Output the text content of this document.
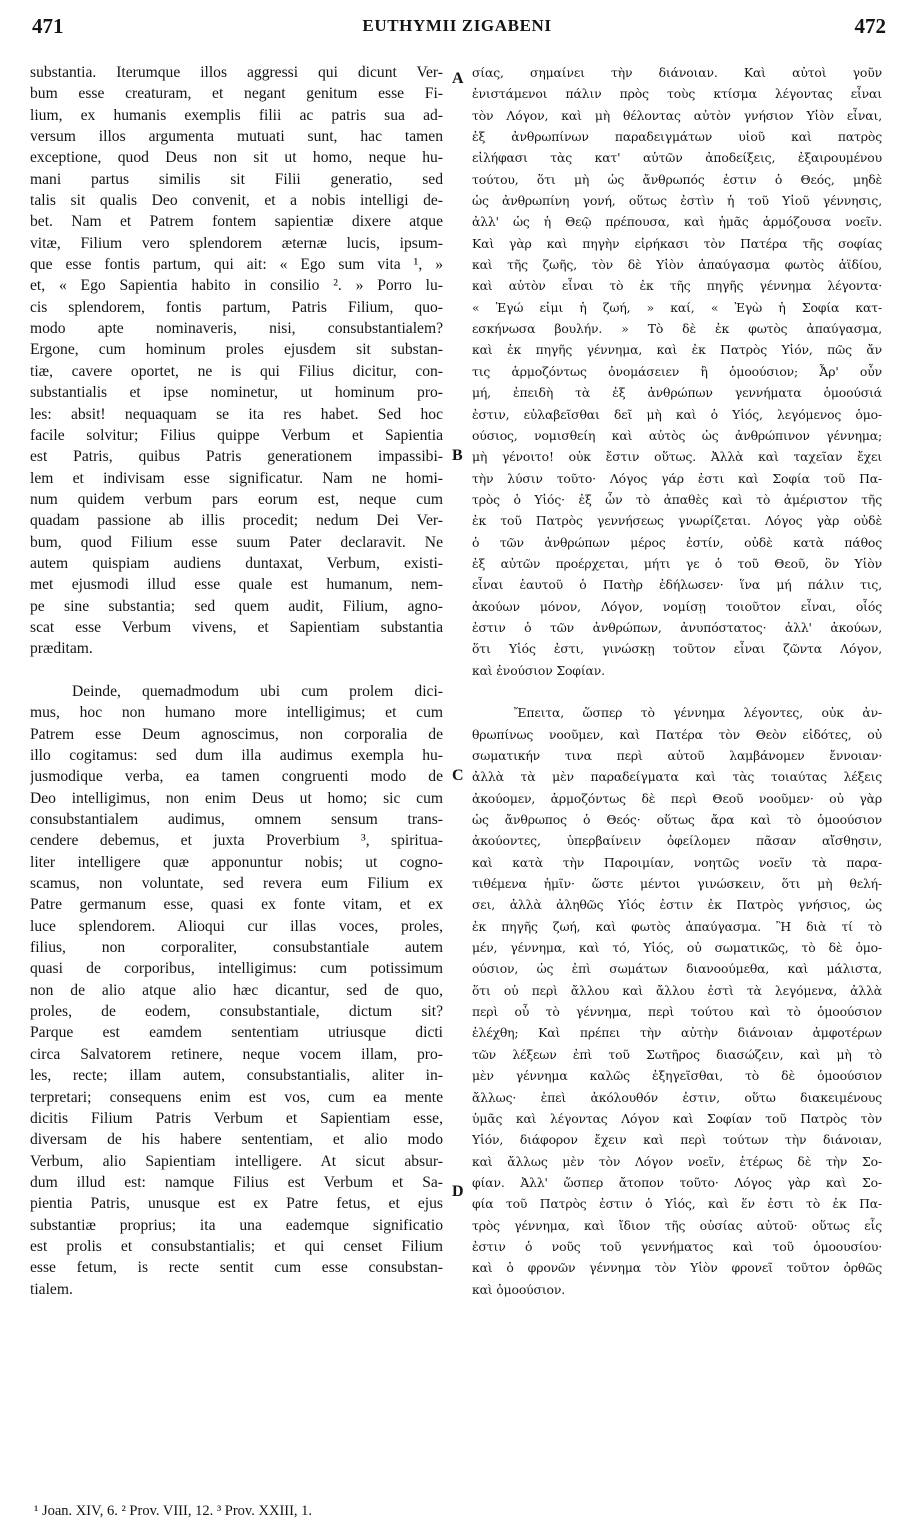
471	EUTHYMII ZIGABENI	472
substantia. Iterumque illos aggressi qui dicunt Ver-
bum esse creaturam, et negant genitum esse Fi-
lium, ex humanis exemplis filii ac patris sua ad-
versum illos argumenta mutuati sunt, hac tamen
exceptione, quod Deus non sit ut homo, neque hu-
mani partus similis sit Filii generatio, sed
talis sit qualis Deo convenit, et a nobis intelligi de-
bet. Nam et Patrem fontem sapientiæ dixere atque
vitæ, Filium vero splendorem æternæ lucis, ipsum-
que esse fontis partum, qui ait: « Ego sum vita ¹, »
et, « Ego Sapientia habito in consilio ². » Porro lu-
cis splendorem, fontis partum, Patris Filium, quo-
modo apte nominaveris, nisi, consubstantialem?
Ergone, cum hominum proles ejusdem sit substan-
tiæ, cavere oportet, ne is qui Filius dicitur, con-
substantialis et ipse nominetur, ut hominum pro-
les: absit! nequaquam se ita res habet. Sed hoc
facile solvitur; Filius quippe Verbum et Sapientia
est Patris, quibus Patris generationem impassibi-
lem et indivisam esse significatur. Nam ne homi-
num quidem verbum pars eorum est, neque cum
quadam passione ab illis procedit; nedum Dei Ver-
bum, quod Filium esse suum Pater declaravit. Ne
autem quispiam audiens duntaxat, Verbum, existi-
met ejusmodi illud esse quale est humanum, nem-
pe sine substantia; sed quem audit, Filium, agno-
scat esse Verbum vivens, et Sapientiam substantia
præditam.
Deinde, quemadmodum ubi cum prolem dici-
mus, hoc non humano more intelligimus; et cum
Patrem esse Deum agnoscimus, non corporalia de
illo cogitamus: sed dum illa audimus exempla hu-
jusmodique verba, ea tamen congruenti modo de
Deo intelligimus, non enim Deus ut homo; sic cum
consubstantialem audimus, omnem sensum trans-
cendere debemus, et juxta Proverbium ³, spiritua-
liter intelligere quæ apponuntur nobis; ut cogno-
scamus, non voluntate, sed revera eum Filium ex
Patre germanum esse, quasi ex fonte vitam, et ex
luce splendorem. Alioqui cur illas voces, proles,
filius, non corporaliter, consubstantiale autem
quasi de corporibus, intelligimus: cum potissimum
non de alio atque alio hæc dicantur, sed de quo,
proles, de eodem, consubstantiale, dictum sit?
Parque est eamdem sententiam utriusque dicti
circa Salvatorem retinere, neque vocem illam, pro-
les, recte; illam autem, consubstantialis, aliter in-
terpretari; consequens enim est vos, cum ea mente
dicitis Filium Patris Verbum et Sapientiam esse,
diversam de his habere sententiam, et alio modo
Verbum, alio Sapientiam intelligere. At sicut absur-
dum illud est: namque Filius est Verbum et Sa-
pientia Patris, unusque est ex Patre fetus, et ejus
substantiæ proprius; ita una eademque significatio
est prolis et consubstantialis; et qui censet Filium
esse fetum, is recte sentit cum esse consubstan-
tialem.
σίας, σημαίνει τὴν διάνοιαν. Καὶ αὐτοὶ γοῦν
ἐνιστάμενοι πάλιν πρὸς τοὺς κτίσμα λέγοντας εἶναι
τὸν Λόγον, καὶ μὴ θέλοντας αὐτὸν γνήσιον Υἱὸν εἶναι,
ἐξ ἀνθρωπίνων παραδειγμάτων υἱοῦ καὶ πατρὸς
εἰλήφασι τὰς κατ' αὐτῶν ἀποδείξεις, ἐξαιρουμένου
τούτου, ὅτι μὴ ὡς ἄνθρωπός ἐστιν ὁ Θεός, μηδὲ
ὡς ἀνθρωπίνη γονή, οὕτως ἐστὶν ἡ τοῦ Υἱοῦ γέννησις,
ἀλλ' ὡς ἡ Θεῷ πρέπουσα, καὶ ἡμᾶς ἁρμόζουσα νοεῖν.
Καὶ γὰρ καὶ πηγὴν εἰρήκασι τὸν Πατέρα τῆς σοφίας
καὶ τῆς ζωῆς, τὸν δὲ Υἱὸν ἀπαύγασμα φωτὸς ἀϊδίου,
καὶ αὐτὸν εἶναι τὸ ἐκ τῆς πηγῆς γέννημα λέγοντα·
« Ἐγώ εἰμι ἡ ζωή, » καί, « Ἐγὼ ἡ Σοφία κατ-
εσκήνωσα βουλήν. » Τὸ δὲ ἐκ φωτὸς ἀπαύγασμα,
καὶ ἐκ πηγῆς γέννημα, καὶ ἐκ Πατρὸς Υἱόν, πῶς ἄν
τις ἁρμοζόντως ὀνομάσειεν ἢ ὁμοούσιον; Ἆρ' οὖν
μή, ἐπειδὴ τὰ ἐξ ἀνθρώπων γεννήματα ὁμοούσιά
ἐστιν, εὐλαβεῖσθαι δεῖ μὴ καὶ ὁ Υἱός, λεγόμενος ὁμο-
ούσιος, νομισθείη καὶ αὐτὸς ὡς ἀνθρώπινον γέννημα;
μὴ γένοιτο! οὐκ ἔστιν οὕτως. Ἀλλὰ καὶ ταχεῖαν ἔχει
τὴν λύσιν τοῦτο· Λόγος γάρ ἐστι καὶ Σοφία τοῦ Πα-
τρὸς ὁ Υἱός· ἐξ ὧν τὸ ἀπαθὲς καὶ τὸ ἀμέριστον τῆς
ἐκ τοῦ Πατρὸς γεννήσεως γνωρίζεται. Λόγος γὰρ οὐδὲ
ὁ τῶν ἀνθρώπων μέρος ἐστίν, οὐδὲ κατὰ πάθος
ἐξ αὐτῶν προέρχεται, μήτι γε ὁ τοῦ Θεοῦ, ὃν Υἱὸν
εἶναι ἑαυτοῦ ὁ Πατὴρ ἐδήλωσεν· ἵνα μή πάλιν τις,
ἀκούων μόνον, Λόγον, νομίσῃ τοιοῦτον εἶναι, οἷός
ἐστιν ὁ τῶν ἀνθρώπων, ἀνυπόστατος· ἀλλ' ἀκούων,
ὅτι Υἱός ἐστι, γινώσκῃ τοῦτον εἶναι ζῶντα Λόγον,
καὶ ἐνούσιον Σοφίαν.
Ἔπειτα, ὥσπερ τὸ γέννημα λέγοντες, οὐκ ἀν-
θρωπίνως νοοῦμεν, καὶ Πατέρα τὸν Θεὸν εἰδότες, οὐ
σωματικήν τινα περὶ αὐτοῦ λαμβάνομεν ἔννοιαν·
ἀλλὰ τὰ μὲν παραδείγματα καὶ τὰς τοιαύτας λέξεις
ἀκούομεν, ἁρμοζόντως δὲ περὶ Θεοῦ νοοῦμεν· οὐ γὰρ
ὡς ἄνθρωπος ὁ Θεός· οὕτως ἄρα καὶ τὸ ὁμοούσιον
ἀκούοντες, ὑπερβαίνειν ὀφείλομεν πᾶσαν αἴσθησιν,
καὶ κατὰ τὴν Παροιμίαν, νοητῶς νοεῖν τὰ παρα-
τιθέμενα ἡμῖν· ὥστε μέντοι γινώσκειν, ὅτι μὴ θελή-
σει, ἀλλὰ ἀληθῶς Υἱός ἐστιν ἐκ Πατρὸς γνήσιος, ὡς
ἐκ πηγῆς ζωή, καὶ φωτὸς ἀπαύγασμα. Ἢ διὰ τί τὸ
μέν, γέννημα, καὶ τό, Υἱός, οὐ σωματικῶς, τὸ δὲ ὁμο-
ούσιον, ὡς ἐπὶ σωμάτων διανοούμεθα, καὶ μάλιστα,
ὅτι οὐ περὶ ἄλλου καὶ ἄλλου ἐστὶ τὰ λεγόμενα, ἀλλὰ
περὶ οὗ τὸ γέννημα, περὶ τούτου καὶ τὸ ὁμοούσιον
ἐλέχθη; Καὶ πρέπει τὴν αὐτὴν διάνοιαν ἀμφοτέρων
τῶν λέξεων ἐπὶ τοῦ Σωτῆρος διασώζειν, καὶ μὴ τὸ
μὲν γέννημα καλῶς ἐξηγεῖσθαι, τὸ δὲ ὁμοούσιον
ἄλλως· ἐπεὶ ἀκόλουθόν ἐστιν, οὕτω διακειμένους
ὑμᾶς καὶ λέγοντας Λόγον καὶ Σοφίαν τοῦ Πατρὸς τὸν
Υἱόν, διάφορον ἔχειν καὶ περὶ τούτων τὴν διάνοιαν,
καὶ ἄλλως μὲν τὸν Λόγον νοεῖν, ἑτέρως δὲ τὴν Σο-
φίαν. Ἀλλ' ὥσπερ ἄτοπον τοῦτο· Λόγος γὰρ καὶ Σο-
φία τοῦ Πατρὸς ἐστιν ὁ Υἱός, καὶ ἕν ἐστι τὸ ἐκ Πα-
τρὸς γέννημα, καὶ ἴδιον τῆς οὐσίας αὐτοῦ· οὕτως εἷς
ἐστιν ὁ νοῦς τοῦ γεννήματος καὶ τοῦ ὁμοουσίου·
καὶ ὁ φρονῶν γέννημα τὸν Υἱὸν φρονεῖ τοῦτον ὀρθῶς
καὶ ὁμοούσιον.
A
B
C
D
¹ Joan. XIV, 6. ² Prov. VIII, 12. ³ Prov. XXIII, 1.
